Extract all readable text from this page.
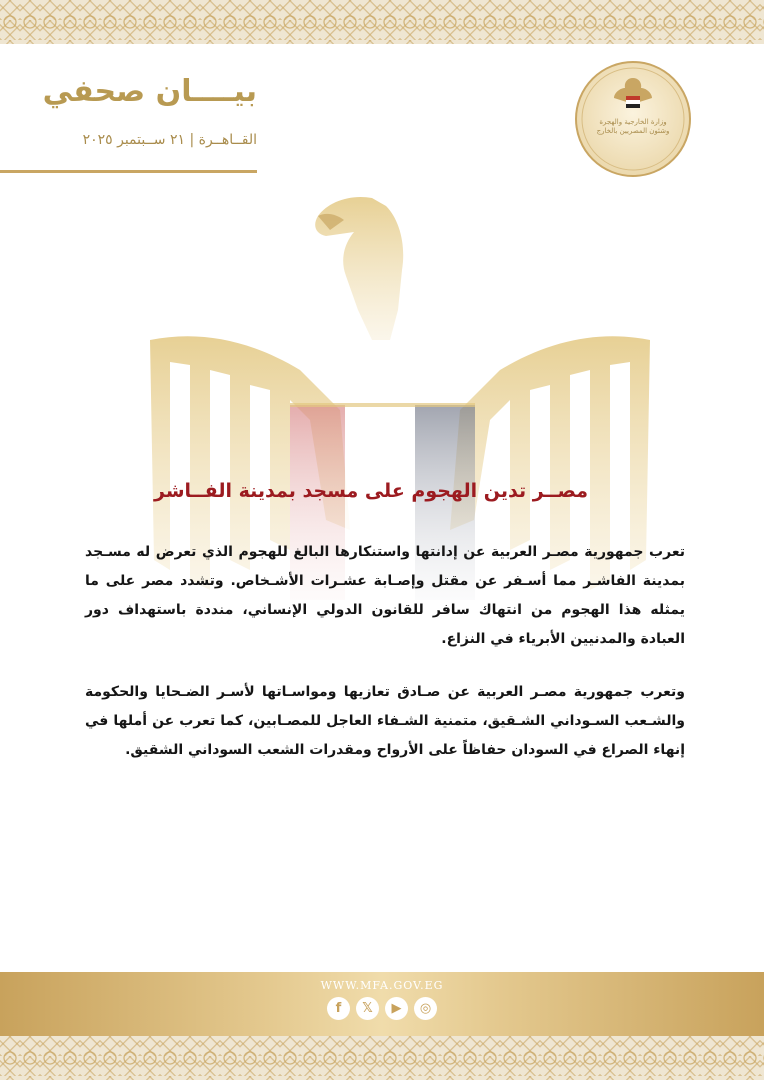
وزارة الخارجية والهجرة
وشئون المصريين بالخارج
بيــــان صحفي
القــاهــرة | ٢١ ســبتمبر ٢٠٢٥
مصــر تدين الهجوم على مسجد بمدينة الفــاشر

تعرب جمهورية مصـر العربية عن إدانتها واستنكارها البالغ للهجوم الذي تعرض له مسـجد بمدينة الفاشـر مما أسـفر عن مقتل وإصـابة عشـرات الأشـخاص. وتشدد مصر على ما يمثله هذا الهجوم من انتهاك سافر للقانون الدولي الإنساني، منددة باستهداف دور العبادة والمدنيين الأبرياء في النزاع.

وتعرب جمهورية مصـر العربية عن صـادق تعازيها ومواسـاتها لأسـر الضـحايا والحكومة والشـعب السـوداني الشـقيق، متمنية الشـفاء العاجل للمصـابين، كما تعرب عن أملها في إنهاء الصراع في السودان حفاظاً على الأرواح ومقدرات الشعب السوداني الشقيق.

WWW.MFA.GOV.EG
f	𝕏	▶	◎
